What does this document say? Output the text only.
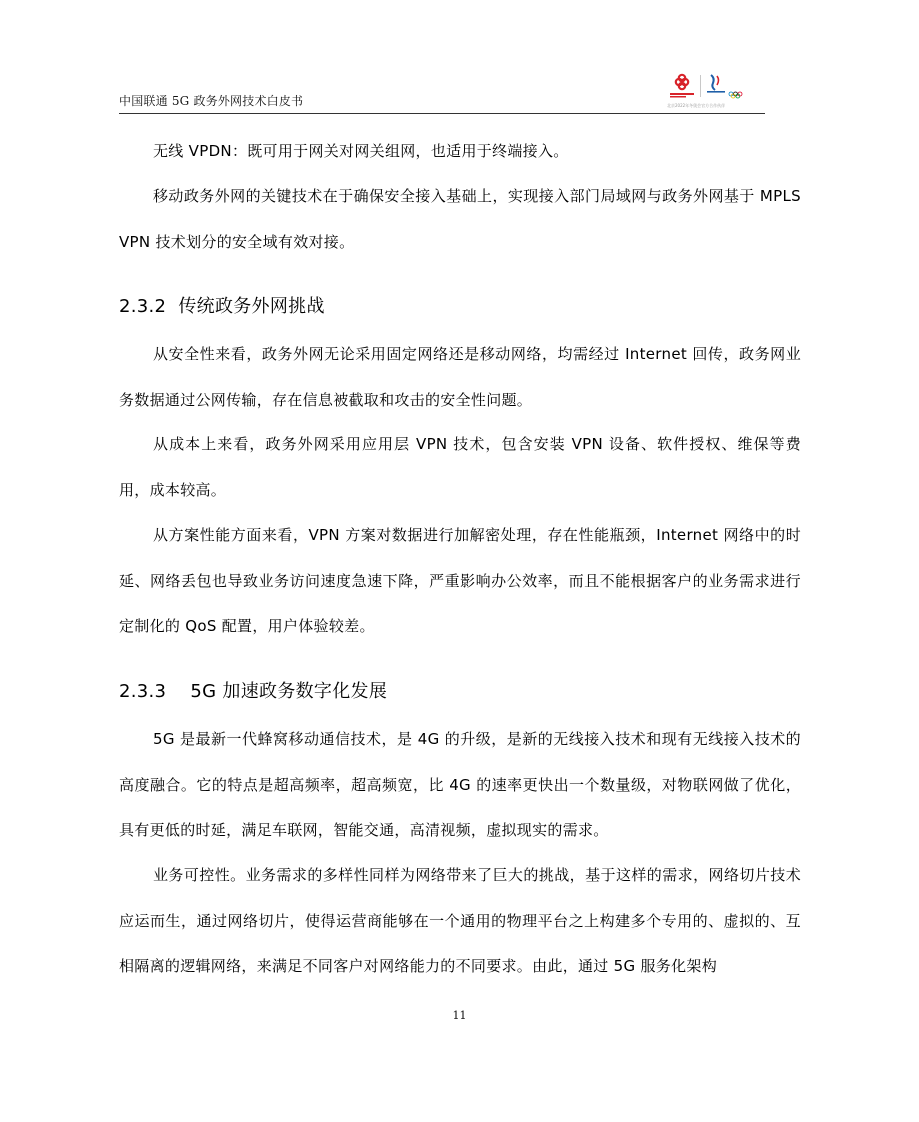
中国联通 5G 政务外网技术白皮书	北京2022年冬奥会官方合作伙伴

无线 VPDN：既可用于网关对网关组网，也适用于终端接入。

移动政务外网的关键技术在于确保安全接入基础上，实现接入部门局域网与政务外网基于 MPLS VPN 技术划分的安全域有效对接。

2.3.2 传统政务外网挑战

从安全性来看，政务外网无论采用固定网络还是移动网络，均需经过 Internet 回传，政务网业务数据通过公网传输，存在信息被截取和攻击的安全性问题。

从成本上来看，政务外网采用应用层 VPN 技术，包含安装 VPN 设备、软件授权、维保等费用，成本较高。

从方案性能方面来看，VPN 方案对数据进行加解密处理，存在性能瓶颈，Internet 网络中的时延、网络丢包也导致业务访问速度急速下降，严重影响办公效率，而且不能根据客户的业务需求进行定制化的 QoS 配置，用户体验较差。

2.3.3 5G 加速政务数字化发展

5G 是最新一代蜂窝移动通信技术，是 4G 的升级，是新的无线接入技术和现有无线接入技术的高度融合。它的特点是超高频率，超高频宽，比 4G 的速率更快出一个数量级，对物联网做了优化，具有更低的时延，满足车联网，智能交通，高清视频，虚拟现实的需求。

业务可控性。业务需求的多样性同样为网络带来了巨大的挑战，基于这样的需求，网络切片技术应运而生，通过网络切片，使得运营商能够在一个通用的物理平台之上构建多个专用的、虚拟的、互相隔离的逻辑网络，来满足不同客户对网络能力的不同要求。由此，通过 5G 服务化架构

11
